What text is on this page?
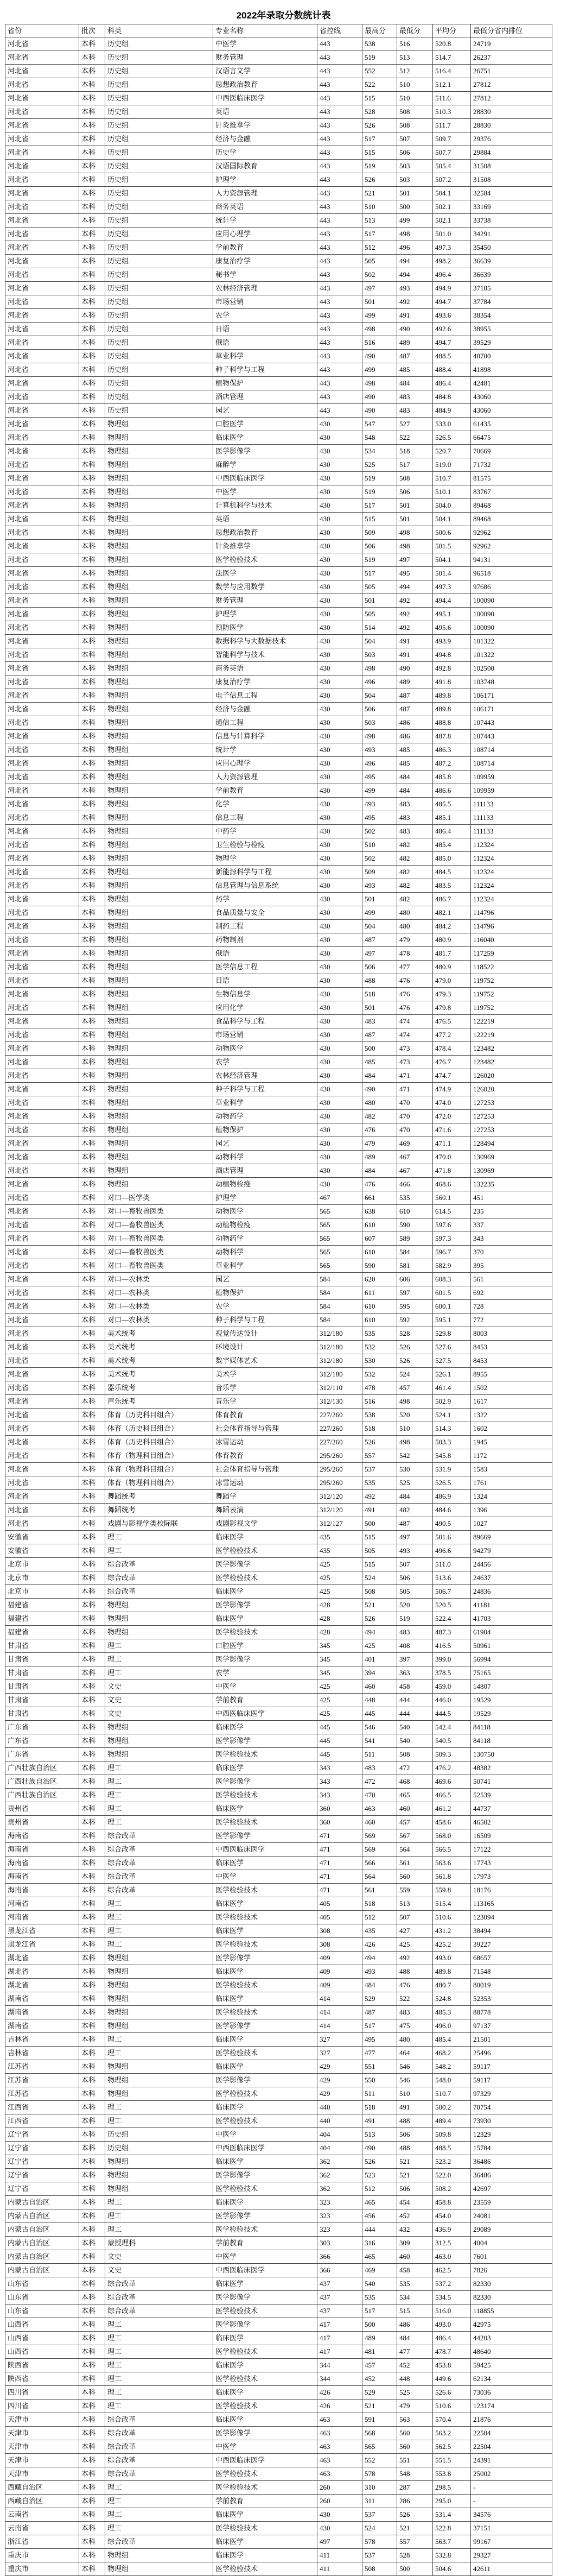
2022年录取分数统计表
省份	批次	科类	专业名称	省控线	最高分	最低分	平均分	最低分省内排位
河北省	本科	历史组	中医学	443	538	516	520.8	24719
河北省	本科	历史组	财务管理	443	519	513	514.7	26237
河北省	本科	历史组	汉语言文学	443	552	512	516.4	26751
河北省	本科	历史组	思想政治教育	443	522	510	512.1	27812
河北省	本科	历史组	中西医临床医学	443	515	510	511.6	27812
河北省	本科	历史组	英语	443	528	508	510.3	28830
河北省	本科	历史组	针灸推拿学	443	526	508	511.7	28830
河北省	本科	历史组	经济与金融	443	517	507	509.7	29376
河北省	本科	历史组	历史学	443	515	506	507.7	29884
河北省	本科	历史组	汉语国际教育	443	519	503	505.4	31508
河北省	本科	历史组	护理学	443	526	503	507.2	31508
河北省	本科	历史组	人力资源管理	443	521	501	504.1	32584
河北省	本科	历史组	商务英语	443	510	500	502.1	33169
河北省	本科	历史组	统计学	443	513	499	502.1	33738
河北省	本科	历史组	应用心理学	443	517	498	501.0	34291
河北省	本科	历史组	学前教育	443	512	496	497.3	35450
河北省	本科	历史组	康复治疗学	443	505	494	498.2	36639
河北省	本科	历史组	秘书学	443	502	494	496.4	36639
河北省	本科	历史组	农林经济管理	443	497	493	494.9	37185
河北省	本科	历史组	市场营销	443	501	492	494.7	37784
河北省	本科	历史组	农学	443	499	491	493.6	38354
河北省	本科	历史组	日语	443	498	490	492.6	38955
河北省	本科	历史组	俄语	443	516	489	494.7	39529
河北省	本科	历史组	草业科学	443	490	487	488.5	40700
河北省	本科	历史组	种子科学与工程	443	499	485	488.4	41898
河北省	本科	历史组	植物保护	443	498	484	486.4	42481
河北省	本科	历史组	酒店管理	443	490	483	484.8	43060
河北省	本科	历史组	园艺	443	490	483	484.9	43060
河北省	本科	物理组	口腔医学	430	547	527	533.0	61435
河北省	本科	物理组	临床医学	430	548	522	526.5	66475
河北省	本科	物理组	医学影像学	430	534	518	520.7	70669
河北省	本科	物理组	麻醉学	430	525	517	519.0	71732
河北省	本科	物理组	中西医临床医学	430	519	508	510.7	81575
河北省	本科	物理组	中医学	430	519	506	510.1	83767
河北省	本科	物理组	计算机科学与技术	430	517	501	504.0	89468
河北省	本科	物理组	英语	430	515	501	504.1	89468
河北省	本科	物理组	思想政治教育	430	509	498	500.6	92962
河北省	本科	物理组	针灸推拿学	430	506	498	501.5	92962
河北省	本科	物理组	医学检验技术	430	519	497	504.1	94131
河北省	本科	物理组	法医学	430	517	495	501.4	96518
河北省	本科	物理组	数学与应用数学	430	505	494	497.3	97686
河北省	本科	物理组	财务管理	430	501	492	494.4	100090
河北省	本科	物理组	护理学	430	505	492	495.1	100090
河北省	本科	物理组	预防医学	430	514	492	495.6	100090
河北省	本科	物理组	数据科学与大数据技术	430	504	491	493.9	101322
河北省	本科	物理组	智能科学与技术	430	503	491	494.8	101322
河北省	本科	物理组	商务英语	430	498	490	492.8	102500
河北省	本科	物理组	康复治疗学	430	496	489	491.8	103748
河北省	本科	物理组	电子信息工程	430	504	487	489.8	106171
河北省	本科	物理组	经济与金融	430	506	487	489.8	106171
河北省	本科	物理组	通信工程	430	503	486	488.8	107443
河北省	本科	物理组	信息与计算科学	430	498	486	487.8	107443
河北省	本科	物理组	统计学	430	493	485	486.3	108714
河北省	本科	物理组	应用心理学	430	496	485	487.2	108714
河北省	本科	物理组	人力资源管理	430	495	484	485.8	109959
河北省	本科	物理组	学前教育	430	499	484	486.6	109959
河北省	本科	物理组	化学	430	493	483	485.5	111133
河北省	本科	物理组	信息工程	430	495	483	485.1	111133
河北省	本科	物理组	中药学	430	502	483	486.4	111133
河北省	本科	物理组	卫生检验与检疫	430	510	482	485.4	112324
河北省	本科	物理组	物理学	430	502	482	485.0	112324
河北省	本科	物理组	新能源科学与工程	430	509	482	484.5	112324
河北省	本科	物理组	信息管理与信息系统	430	493	482	483.5	112324
河北省	本科	物理组	药学	430	501	482	486.7	112324
河北省	本科	物理组	食品质量与安全	430	499	480	482.1	114796
河北省	本科	物理组	制药工程	430	504	480	484.2	114796
河北省	本科	物理组	药物制剂	430	487	479	480.9	116040
河北省	本科	物理组	俄语	430	497	478	481.7	117259
河北省	本科	物理组	医学信息工程	430	506	477	480.9	118522
河北省	本科	物理组	日语	430	488	476	479.0	119752
河北省	本科	物理组	生物信息学	430	518	476	479.3	119752
河北省	本科	物理组	应用化学	430	501	476	479.8	119752
河北省	本科	物理组	食品科学与工程	430	483	474	476.5	122219
河北省	本科	物理组	市场营销	430	487	474	477.2	122219
河北省	本科	物理组	动物医学	430	500	473	478.4	123482
河北省	本科	物理组	农学	430	485	473	476.7	123482
河北省	本科	物理组	农林经济管理	430	484	471	474.7	126020
河北省	本科	物理组	种子科学与工程	430	490	471	474.9	126020
河北省	本科	物理组	草业科学	430	480	470	474.0	127253
河北省	本科	物理组	动物药学	430	482	470	472.0	127253
河北省	本科	物理组	植物保护	430	476	470	471.6	127253
河北省	本科	物理组	园艺	430	479	469	471.1	128494
河北省	本科	物理组	动物科学	430	489	467	470.0	130969
河北省	本科	物理组	酒店管理	430	484	467	471.8	130969
河北省	本科	物理组	动植物检疫	430	476	466	468.6	132235
河北省	本科	对口—医学类	护理学	467	661	535	560.1	451
河北省	本科	对口—畜牧兽医类	动物医学	565	638	610	614.5	235
河北省	本科	对口—畜牧兽医类	动植物检疫	565	610	590	597.6	337
河北省	本科	对口—畜牧兽医类	动物药学	565	607	589	597.3	343
河北省	本科	对口—畜牧兽医类	动物科学	565	610	584	596.7	370
河北省	本科	对口—畜牧兽医类	草业科学	565	590	581	582.9	395
河北省	本科	对口—农林类	园艺	584	620	606	608.3	561
河北省	本科	对口—农林类	植物保护	584	611	597	601.5	692
河北省	本科	对口—农林类	农学	584	610	595	600.1	728
河北省	本科	对口—农林类	种子科学与工程	584	610	592	595.1	772
河北省	本科	美术统考	视觉传达设计	312/180	535	528	529.8	8003
河北省	本科	美术统考	环境设计	312/180	532	526	527.6	8453
河北省	本科	美术统考	数字媒体艺术	312/180	530	526	527.5	8453
河北省	本科	美术统考	美术学	312/180	532	524	526.1	8955
河北省	本科	器乐统考	音乐学	312/110	478	457	461.4	1502
河北省	本科	声乐统考	音乐学	312/130	516	498	502.9	1617
河北省	本科	体育（历史科目组合）	体育教育	227/260	538	520	524.1	1322
河北省	本科	体育（历史科目组合）	社会体育指导与管理	227/260	518	510	514.3	1602
河北省	本科	体育（历史科目组合）	冰雪运动	227/260	526	498	503.3	1945
河北省	本科	体育（物理科目组合）	体育教育	295/260	557	542	545.8	1172
河北省	本科	体育（物理科目组合）	社会体育指导与管理	295/260	537	530	531.9	1583
河北省	本科	体育（物理科目组合）	冰雪运动	295/260	535	525	526.5	1761
河北省	本科	舞蹈统考	舞蹈学	312/120	492	484	486.9	1324
河北省	本科	舞蹈统考	舞蹈表演	312/120	491	482	484.6	1396
河北省	本科	戏剧与影视学类校际联	戏剧影视文学	312/127	500	487	490.5	1027
安徽省	本科	理工	临床医学	435	515	497	501.6	89669
安徽省	本科	理工	医学检验技术	435	505	493	496.6	94279
北京市	本科	综合改革	医学影像学	425	515	507	511.0	24456
北京市	本科	综合改革	医学检验技术	425	524	506	513.6	24637
北京市	本科	综合改革	临床医学	425	508	505	506.7	24836
福建省	本科	物理组	医学影像学	428	521	520	520.5	41181
福建省	本科	物理组	临床医学	428	526	519	522.4	41703
福建省	本科	物理组	医学检验技术	428	494	483	487.3	61904
甘肃省	本科	理工	口腔医学	345	425	408	416.5	50961
甘肃省	本科	理工	医学影像学	345	401	397	399.0	56994
甘肃省	本科	理工	农学	345	394	363	378.5	75165
甘肃省	本科	文史	中医学	425	460	458	459.0	14807
甘肃省	本科	文史	学前教育	425	448	444	446.0	19529
甘肃省	本科	文史	中西医临床医学	425	445	444	444.5	19529
广东省	本科	物理组	临床医学	445	546	540	542.4	84118
广东省	本科	物理组	医学影像学	445	541	540	540.5	84118
广东省	本科	物理组	医学检验技术	445	511	508	509.3	130750
广西壮族自治区	本科	理工	临床医学	343	483	472	476.2	48382
广西壮族自治区	本科	理工	医学影像学	343	472	468	469.6	50741
广西壮族自治区	本科	理工	医学检验技术	343	470	465	466.5	52539
贵州省	本科	理工	临床医学	360	463	460	461.2	44737
贵州省	本科	理工	医学检验技术	360	460	457	458.6	46502
海南省	本科	综合改革	医学影像学	471	569	567	568.0	16509
海南省	本科	综合改革	中西医临床医学	471	569	564	566.5	17122
海南省	本科	综合改革	临床医学	471	566	561	563.6	17743
海南省	本科	综合改革	中医学	471	564	560	561.8	17973
海南省	本科	综合改革	医学检验技术	471	561	559	559.8	18176
河南省	本科	理工	临床医学	405	518	513	515.4	113165
河南省	本科	理工	医学检验技术	405	512	507	510.6	123094
黑龙江省	本科	理工	临床医学	308	435	427	431.2	38494
黑龙江省	本科	理工	医学检验技术	308	426	425	425.2	39227
湖北省	本科	物理组	医学影像学	409	494	492	493.0	68657
湖北省	本科	物理组	临床医学	409	493	488	489.8	71548
湖北省	本科	物理组	医学检验技术	409	484	476	480.7	80019
湖南省	本科	物理组	临床医学	414	529	522	524.8	52353
湖南省	本科	物理组	医学检验技术	414	487	483	485.3	88778
湖南省	本科	物理组	医学影像学	414	517	475	496.0	97137
吉林省	本科	理工	临床医学	327	495	480	485.4	21501
吉林省	本科	理工	医学检验技术	327	477	464	468.2	25496
江苏省	本科	物理组	临床医学	429	551	546	548.2	59117
江苏省	本科	物理组	医学影像学	429	550	546	548.0	59117
江苏省	本科	物理组	医学检验技术	429	511	510	510.7	97329
江西省	本科	理工	临床医学	440	518	491	500.2	70754
江西省	本科	理工	医学检验技术	440	491	488	489.4	73930
辽宁省	本科	历史组	中医学	404	513	506	509.8	12329
辽宁省	本科	历史组	中西医临床医学	404	490	488	488.5	15784
辽宁省	本科	物理组	临床医学	362	526	521	523.2	36486
辽宁省	本科	物理组	医学影像学	362	523	521	522.0	36486
辽宁省	本科	物理组	医学检验技术	362	512	506	508.2	42697
内蒙古自治区	本科	理工	临床医学	323	465	454	458.8	23559
内蒙古自治区	本科	理工	医学影像学	323	456	452	454.0	24081
内蒙古自治区	本科	理工	医学检验技术	323	444	432	436.9	29089
内蒙古自治区	本科	蒙授理科	学前教育	303	316	309	312.5	4004
内蒙古自治区	本科	文史	中医学	366	465	460	463.0	7601
内蒙古自治区	本科	文史	中西医临床医学	366	469	458	462.5	7826
山东省	本科	综合改革	临床医学	437	540	535	537.2	82330
山东省	本科	综合改革	医学影像学	437	535	534	534.5	82330
山东省	本科	综合改革	医学检验技术	437	517	515	516.0	118855
山西省	本科	理工	医学影像学	417	500	486	493.0	42975
山西省	本科	理工	临床医学	417	489	484	486.4	44203
山西省	本科	理工	医学检验技术	417	481	477	478.7	48640
陕西省	本科	理工	临床医学	344	457	452	453.8	59425
陕西省	本科	理工	医学检验技术	344	452	448	449.6	62134
四川省	本科	理工	临床医学	426	529	525	526.6	73036
四川省	本科	理工	医学检验技术	426	521	479	510.6	123174
天津市	本科	综合改革	临床医学	463	591	563	570.4	21876
天津市	本科	综合改革	医学影像学	463	568	560	563.2	22504
天津市	本科	综合改革	中医学	463	565	560	562.5	22504
天津市	本科	综合改革	中西医临床医学	463	552	551	551.5	24391
天津市	本科	综合改革	医学检验技术	463	578	548	553.8	25002
西藏自治区	本科	理工	医学检验技术	260	310	287	298.5	-
西藏自治区	本科	理工	学前教育	260	311	286	295.0	-
云南省	本科	理工	临床医学	430	537	526	531.4	34576
云南省	本科	理工	医学检验技术	430	524	521	522.8	37151
浙江省	本科	综合改革	临床医学	497	578	557	563.7	99167
重庆市	本科	物理组	临床医学	411	537	528	532.8	29327
重庆市	本科	物理组	医学检验技术	411	508	500	504.6	42611
